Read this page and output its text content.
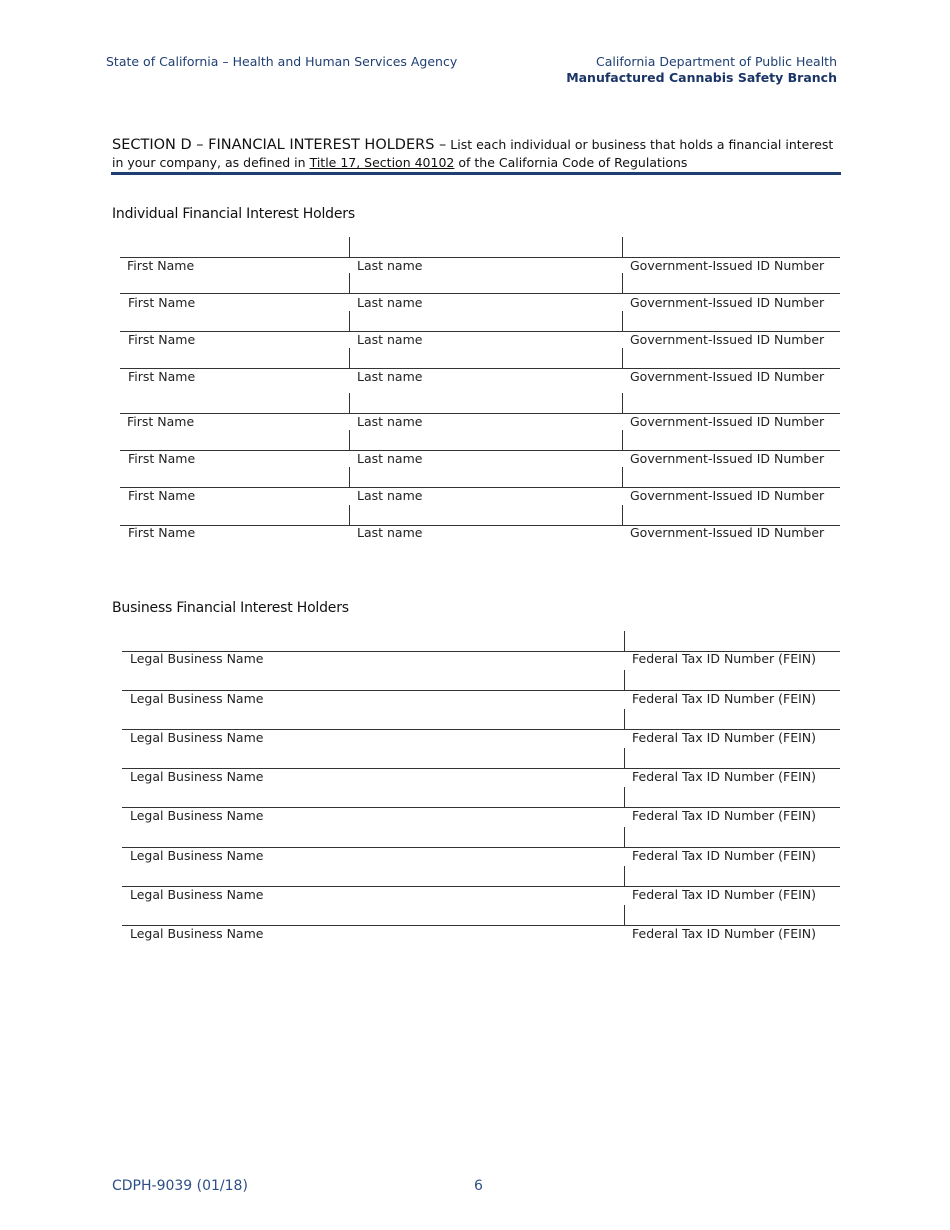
State of California – Health and Human Services Agency	California Department of Public Health
Manufactured Cannabis Safety Branch
SECTION D – FINANCIAL INTEREST HOLDERS – List each individual or business that holds a financial interest in your company, as defined in Title 17, Section 40102 of the California Code of Regulations
Individual Financial Interest Holders
First Name	Last name	Government-Issued ID Number
First Name	Last name	Government-Issued ID Number
First Name	Last name	Government-Issued ID Number
First Name	Last name	Government-Issued ID Number
First Name	Last name	Government-Issued ID Number
First Name	Last name	Government-Issued ID Number
First Name	Last name	Government-Issued ID Number
First Name	Last name	Government-Issued ID Number
Business Financial Interest Holders
Legal Business Name	Federal Tax ID Number (FEIN)
Legal Business Name	Federal Tax ID Number (FEIN)
Legal Business Name	Federal Tax ID Number (FEIN)
Legal Business Name	Federal Tax ID Number (FEIN)
Legal Business Name	Federal Tax ID Number (FEIN)
Legal Business Name	Federal Tax ID Number (FEIN)
Legal Business Name	Federal Tax ID Number (FEIN)
Legal Business Name	Federal Tax ID Number (FEIN)
CDPH-9039 (01/18)	6
